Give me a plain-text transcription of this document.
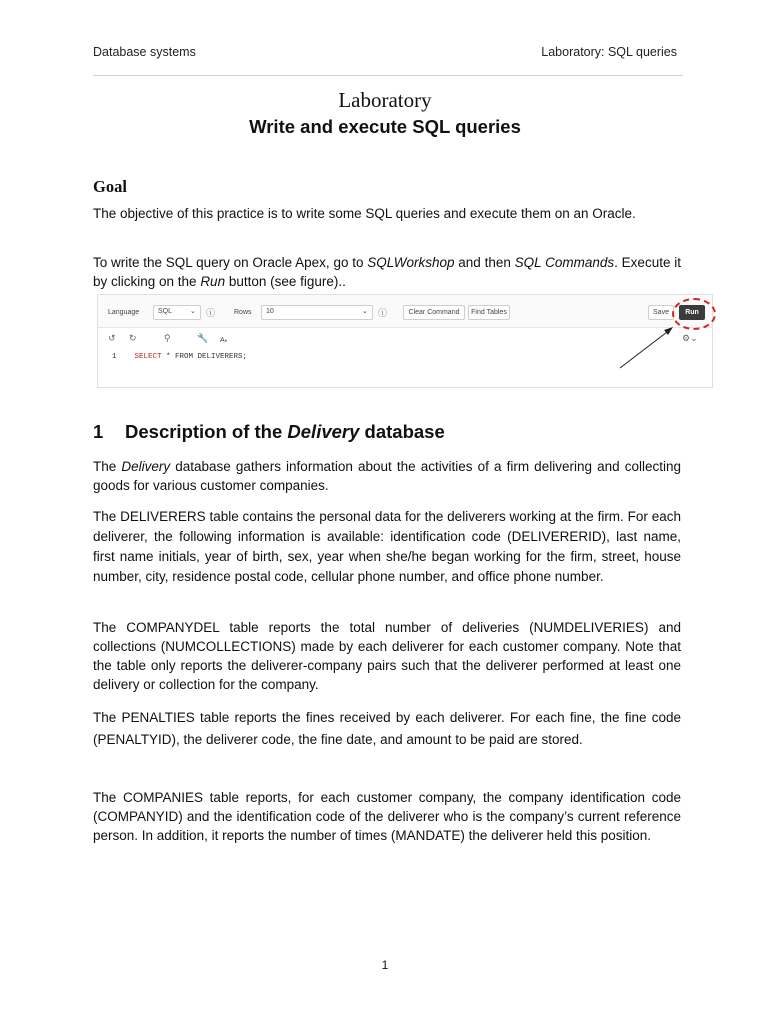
Database systems	Laboratory: SQL queries
Laboratory
Write and execute SQL queries
Goal

The objective of this practice is to write some SQL queries and execute them on an Oracle.

To write the SQL query on Oracle Apex, go to SQLWorkshop and then SQL Commands. Execute it by clicking on the Run button (see figure)..

Language	SQL	⌄ ⓘ	Rows 10	⌄ ⓘ	Clear Command	Find Tables	Save	Run
↺ ↻	⚲	🔧 Aₕ	⚙⌄
1 SELECT * FROM DELIVERERS;
1 Description of the Delivery database

The Delivery database gathers information about the activities of a firm delivering and collecting goods for various customer companies.

The DELIVERERS table contains the personal data for the deliverers working at the firm. For each deliverer, the following information is available: identification code (DELIVERERID), last name, first name initials, year of birth, sex, year when she/he began working for the firm, street, house number, city, residence postal code, cellular phone number, and office phone number.

The COMPANYDEL table reports the total number of deliveries (NUMDELIVERIES) and collections (NUMCOLLECTIONS) made by each deliverer for each customer company. Note that the table only reports the deliverer-company pairs such that the deliverer performed at least one delivery or collection for the company.

The PENALTIES table reports the fines received by each deliverer. For each fine, the fine code (PENALTYID), the deliverer code, the fine date, and amount to be paid are stored.

The COMPANIES table reports, for each customer company, the company identification code (COMPANYID) and the identification code of the deliverer who is the company’s current reference person. In addition, it reports the number of times (MANDATE) the deliverer held this position.

1
